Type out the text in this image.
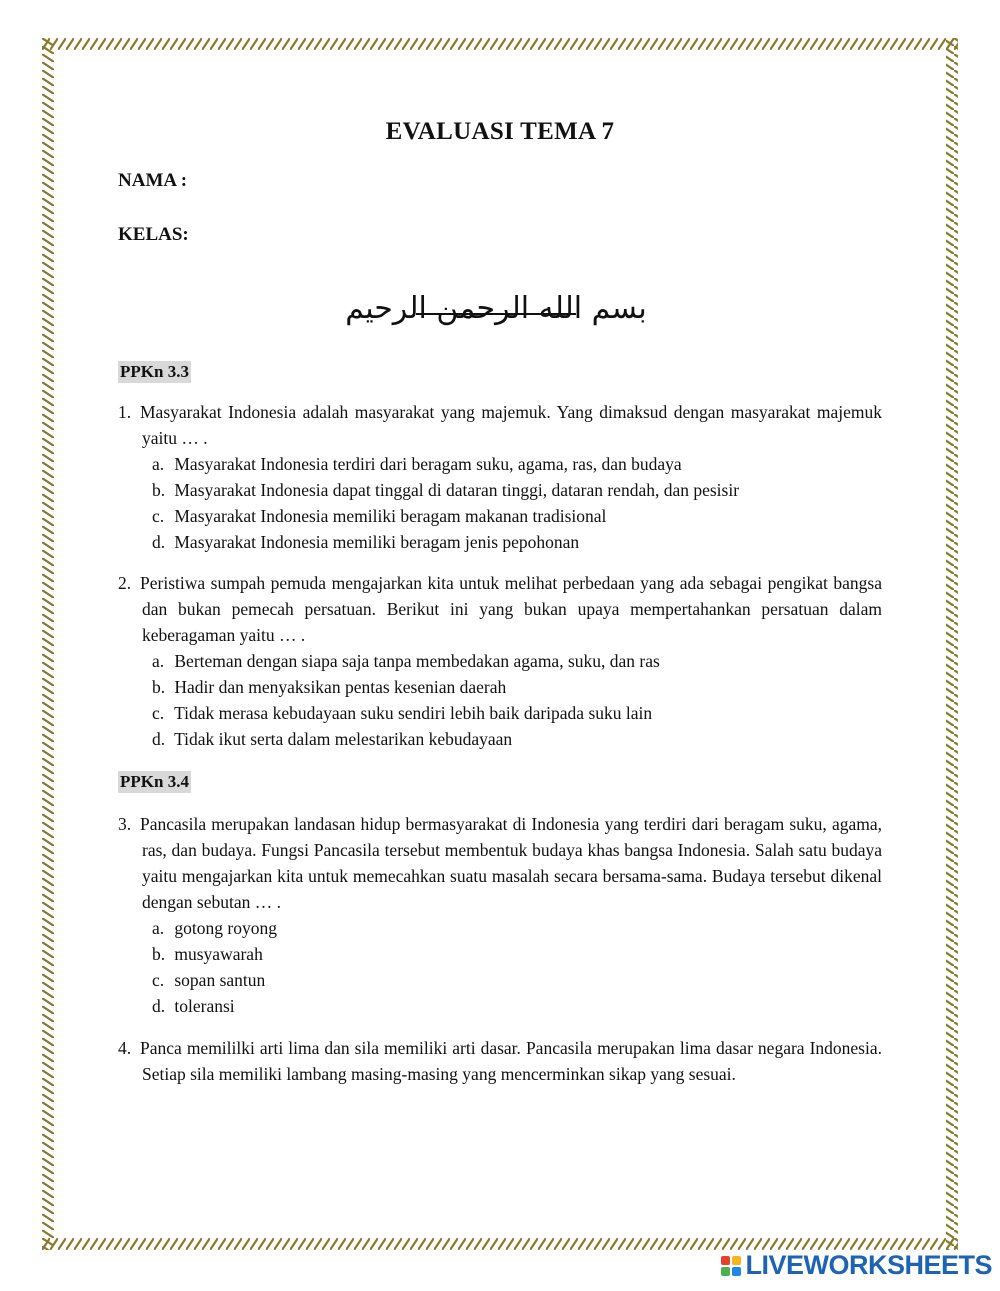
EVALUASI TEMA 7
NAMA :
KELAS:
بسم الله الرحمن الرحيم
PPKn 3.3
1. Masyarakat Indonesia adalah masyarakat yang majemuk. Yang dimaksud dengan masyarakat majemuk yaitu … .
a. Masyarakat Indonesia terdiri dari beragam suku, agama, ras, dan budaya
b. Masyarakat Indonesia dapat tinggal di dataran tinggi, dataran rendah, dan pesisir
c. Masyarakat Indonesia memiliki beragam makanan tradisional
d. Masyarakat Indonesia memiliki beragam jenis pepohonan
2. Peristiwa sumpah pemuda mengajarkan kita untuk melihat perbedaan yang ada sebagai pengikat bangsa dan bukan pemecah persatuan. Berikut ini yang bukan upaya mempertahankan persatuan dalam keberagaman yaitu … .
a. Berteman dengan siapa saja tanpa membedakan agama, suku, dan ras
b. Hadir dan menyaksikan pentas kesenian daerah
c. Tidak merasa kebudayaan suku sendiri lebih baik daripada suku lain
d. Tidak ikut serta dalam melestarikan kebudayaan
PPKn 3.4
3. Pancasila merupakan landasan hidup bermasyarakat di Indonesia yang terdiri dari beragam suku, agama, ras, dan budaya. Fungsi Pancasila tersebut membentuk budaya khas bangsa Indonesia. Salah satu budaya yaitu mengajarkan kita untuk memecahkan suatu masalah secara bersama-sama. Budaya tersebut dikenal dengan sebutan … .
a. gotong royong
b. musyawarah
c. sopan santun
d. toleransi
4. Panca memililki arti lima dan sila memiliki arti dasar. Pancasila merupakan lima dasar negara Indonesia. Setiap sila memiliki lambang masing-masing yang mencerminkan sikap yang sesuai.
LIVEWORKSHEETS
